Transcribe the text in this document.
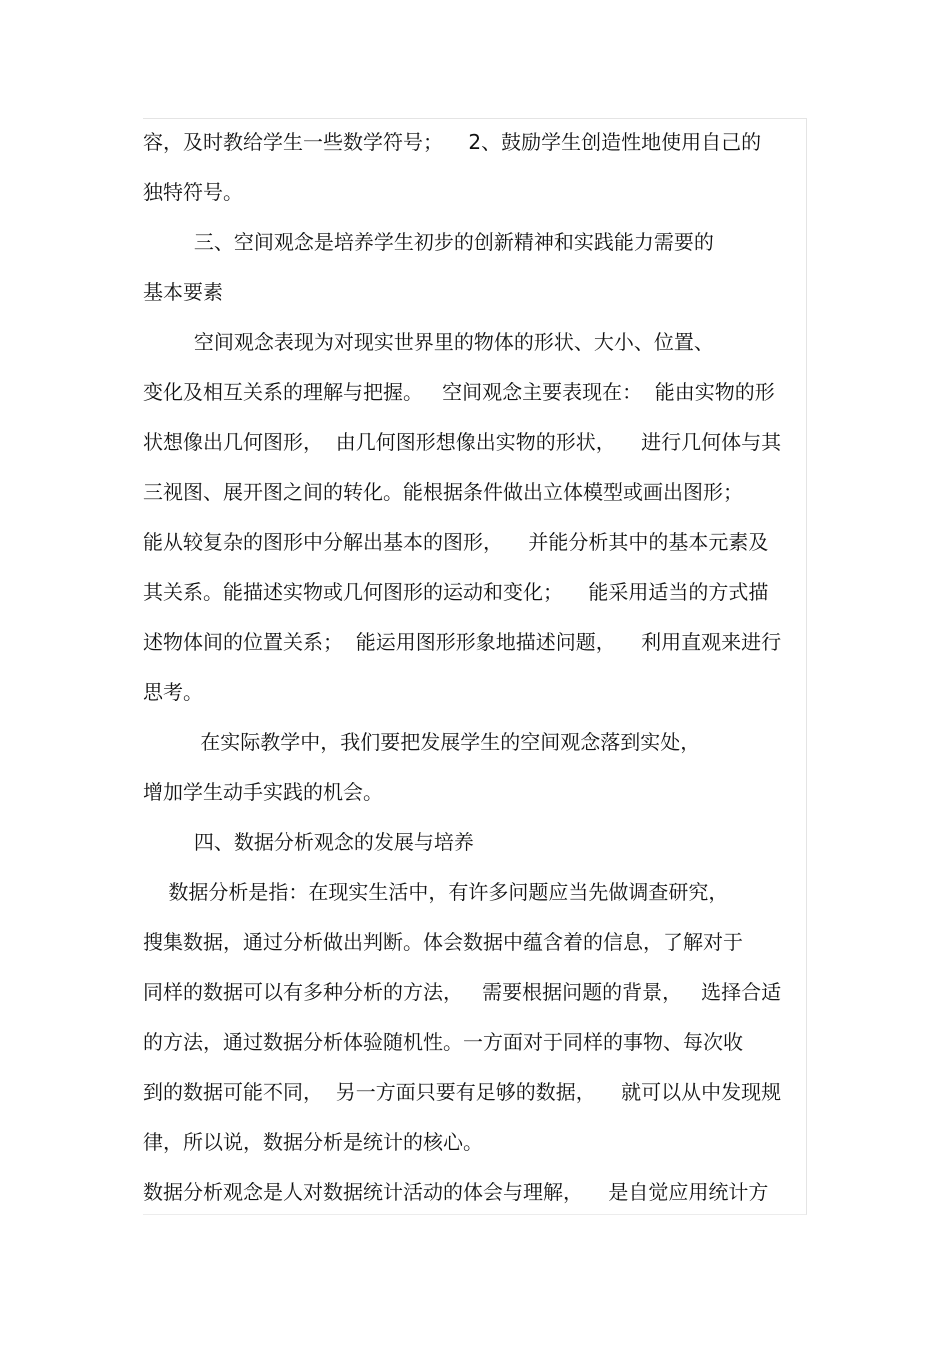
容，及时教给学生一些数学符号；    2、鼓励学生创造性地使用自己的
独特符号。
三、空间观念是培养学生初步的创新精神和实践能力需要的
基本要素
空间观念表现为对现实世界里的物体的形状、大小、位置、
变化及相互关系的理解与把握。   空间观念主要表现在：  能由实物的形
状想像出几何图形，  由几何图形想像出实物的形状，    进行几何体与其
三视图、展开图之间的转化。能根据条件做出立体模型或画出图形；
能从较复杂的图形中分解出基本的图形，    并能分析其中的基本元素及
其关系。能描述实物或几何图形的运动和变化；    能采用适当的方式描
述物体间的位置关系；  能运用图形形象地描述问题，    利用直观来进行
思考。
在实际教学中，我们要把发展学生的空间观念落到实处，
增加学生动手实践的机会。
四、数据分析观念的发展与培养
数据分析是指：在现实生活中，有许多问题应当先做调查研究，
搜集数据，通过分析做出判断。体会数据中蕴含着的信息，了解对于
同样的数据可以有多种分析的方法，   需要根据问题的背景，   选择合适
的方法，通过数据分析体验随机性。一方面对于同样的事物、每次收
到的数据可能不同，  另一方面只要有足够的数据，    就可以从中发现规
律，所以说，数据分析是统计的核心。
数据分析观念是人对数据统计活动的体会与理解，    是自觉应用统计方
